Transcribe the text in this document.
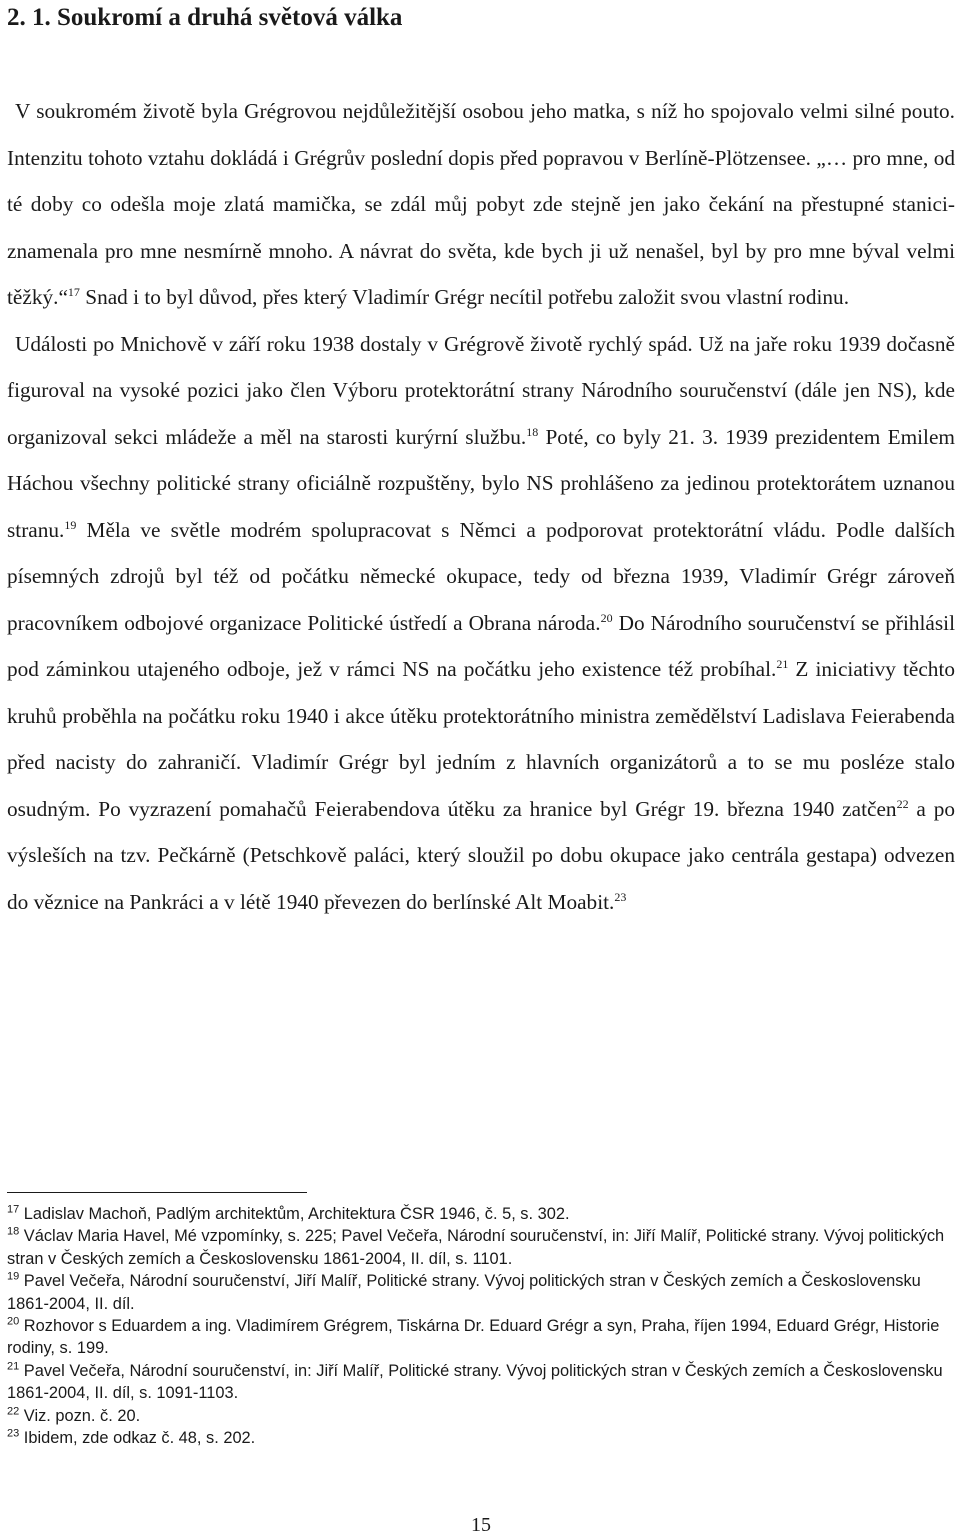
2. 1. Soukromí a druhá světová válka

V soukromém životě byla Grégrovou nejdůležitější osobou jeho matka, s níž ho spojovalo velmi silné pouto. Intenzitu tohoto vztahu dokládá i Grégrův poslední dopis před popravou v Berlíně-Plötzensee. „… pro mne, od té doby co odešla moje zlatá mamička, se zdál můj pobyt zde stejně jen jako čekání na přestupné stanici-znamenala pro mne nesmírně mnoho. A návrat do světa, kde bych ji už nenašel, byl by pro mne býval velmi těžký.“$^{17}$ Snad i to byl důvod, přes který Vladimír Grégr necítil potřebu založit svou vlastní rodinu.

Události po Mnichově v září roku 1938 dostaly v Grégrově životě rychlý spád. Už na jaře roku 1939 dočasně figuroval na vysoké pozici jako člen Výboru protektorátní strany Národního souručenství (dále jen NS), kde organizoval sekci mládeže a měl na starosti kurýrní službu.$^{18}$ Poté, co byly 21. 3. 1939 prezidentem Emilem Háchou všechny politické strany oficiálně rozpuštěny, bylo NS prohlášeno za jedinou protektorátem uznanou stranu.$^{19}$ Měla ve světle modrém spolupracovat s Němci a podporovat protektorátní vládu. Podle dalších písemných zdrojů byl též od počátku německé okupace, tedy od března 1939, Vladimír Grégr zároveň pracovníkem odbojové organizace Politické ústředí a Obrana národa.$^{20}$ Do Národního souručenství se přihlásil pod záminkou utajeného odboje, jež v rámci NS na počátku jeho existence též probíhal.$^{21}$ Z iniciativy těchto kruhů proběhla na počátku roku 1940 i akce útěku protektorátního ministra zemědělství Ladislava Feierabenda před nacisty do zahraničí. Vladimír Grégr byl jedním z hlavních organizátorů a to se mu posléze stalo osudným. Po vyzrazení pomahačů Feierabendova útěku za hranice byl Grégr 19. března 1940 zatčen$^{22}$ a po výsleších na tzv. Pečkárně (Petschkově paláci, který sloužil po dobu okupace jako centrála gestapa) odvezen do věznice na Pankráci a v létě 1940 převezen do berlínské Alt Moabit.$^{23}$

$^{17}$ Ladislav Machoň, Padlým architektům, Architektura ČSR 1946, č. 5, s. 302.
$^{18}$ Václav Maria Havel, Mé vzpomínky, s. 225; Pavel Večeřa, Národní souručenství, in: Jiří Malíř, Politické strany. Vývoj politických stran v Českých zemích a Československu 1861-2004, II. díl, s. 1101.
$^{19}$ Pavel Večeřa, Národní souručenství, Jiří Malíř, Politické strany. Vývoj politických stran v Českých zemích a Československu 1861-2004, II. díl.
$^{20}$ Rozhovor s Eduardem a ing. Vladimírem Grégrem, Tiskárna Dr. Eduard Grégr a syn, Praha, říjen 1994, Eduard Grégr, Historie rodiny, s. 199.
$^{21}$ Pavel Večeřa, Národní souručenství, in: Jiří Malíř, Politické strany. Vývoj politických stran v Českých zemích a Československu 1861-2004, II. díl, s. 1091-1103.
$^{22}$ Viz. pozn. č. 20.
$^{23}$ Ibidem, zde odkaz č. 48, s. 202.
15
